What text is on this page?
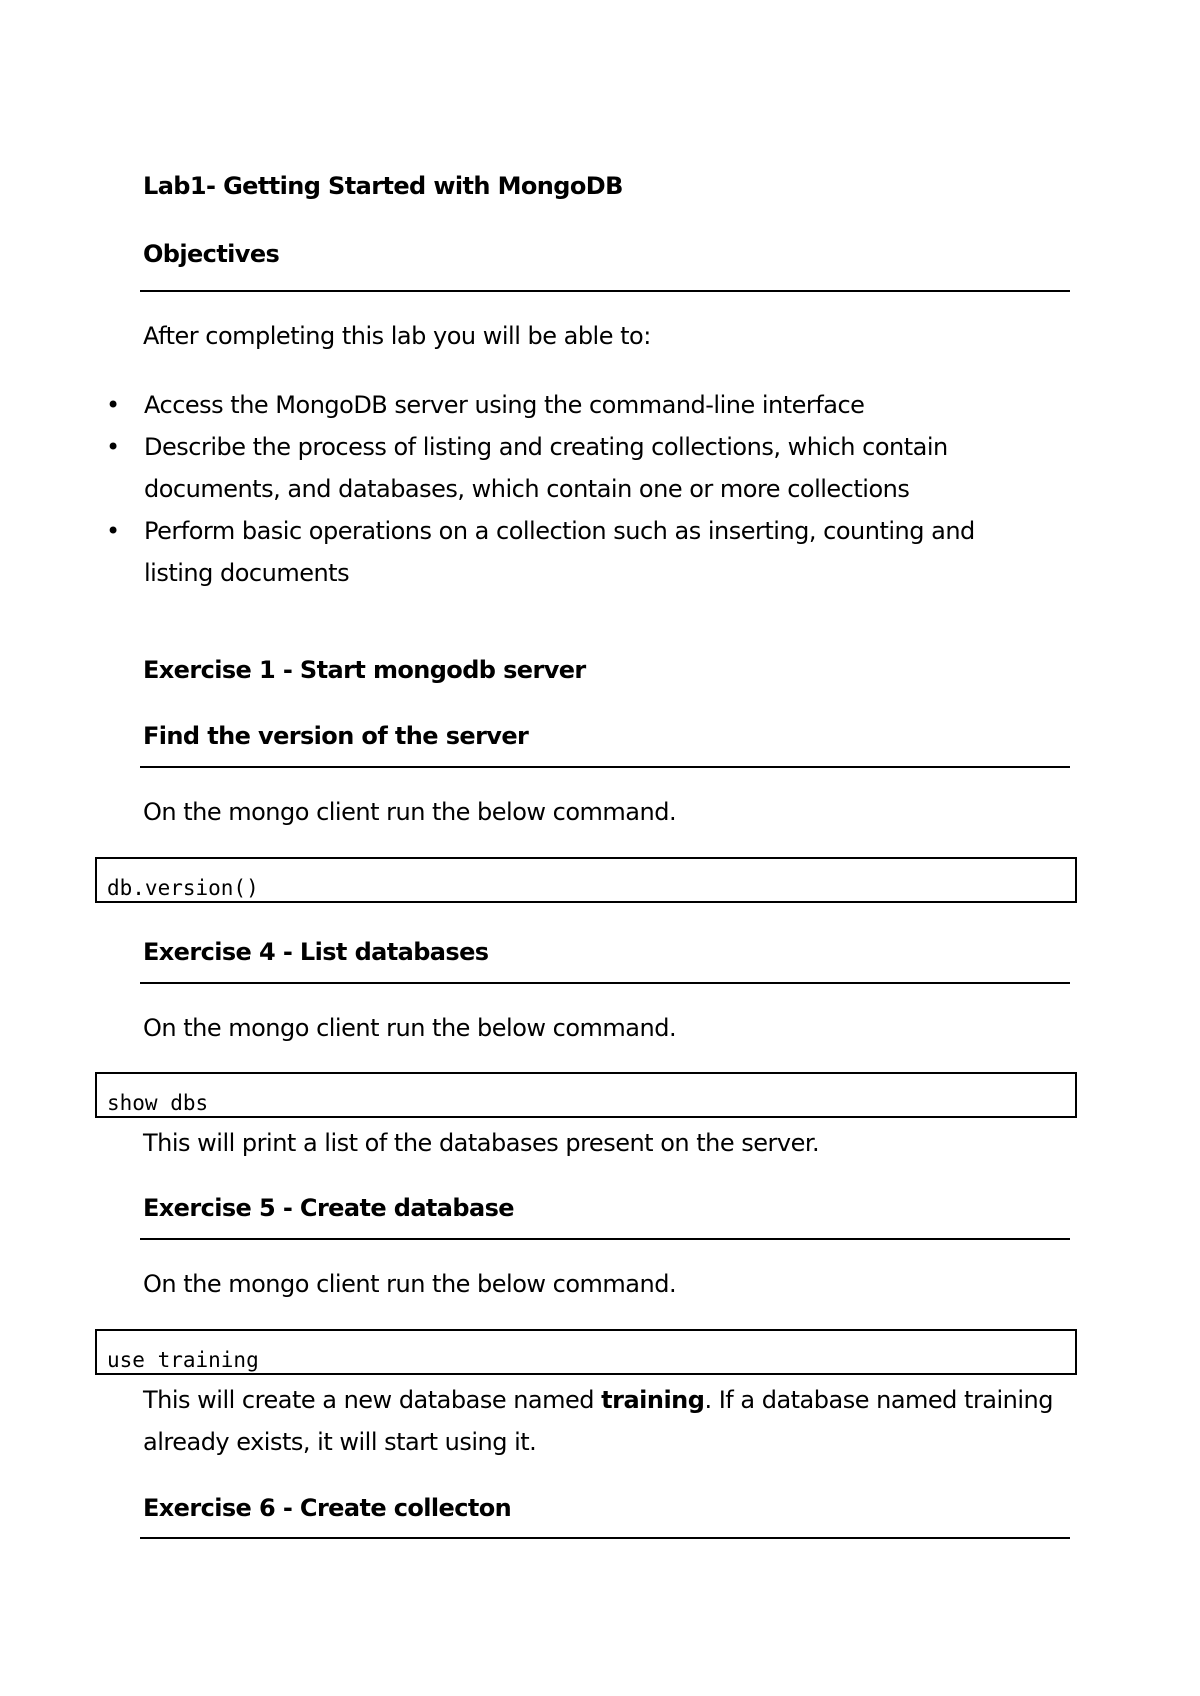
Lab1- Getting Started with MongoDB

Objectives

After completing this lab you will be able to:

• Access the MongoDB server using the command-line interface
• Describe the process of listing and creating collections, which contain documents, and databases, which contain one or more collections
• Perform basic operations on a collection such as inserting, counting and listing documents

Exercise 1 - Start mongodb server

Find the version of the server

On the mongo client run the below command.

db.version()

Exercise 4 - List databases

On the mongo client run the below command.

show dbs

This will print a list of the databases present on the server.

Exercise 5 - Create database

On the mongo client run the below command.

use training

This will create a new database named training. If a database named training

already exists, it will start using it.

Exercise 6 - Create collecton
